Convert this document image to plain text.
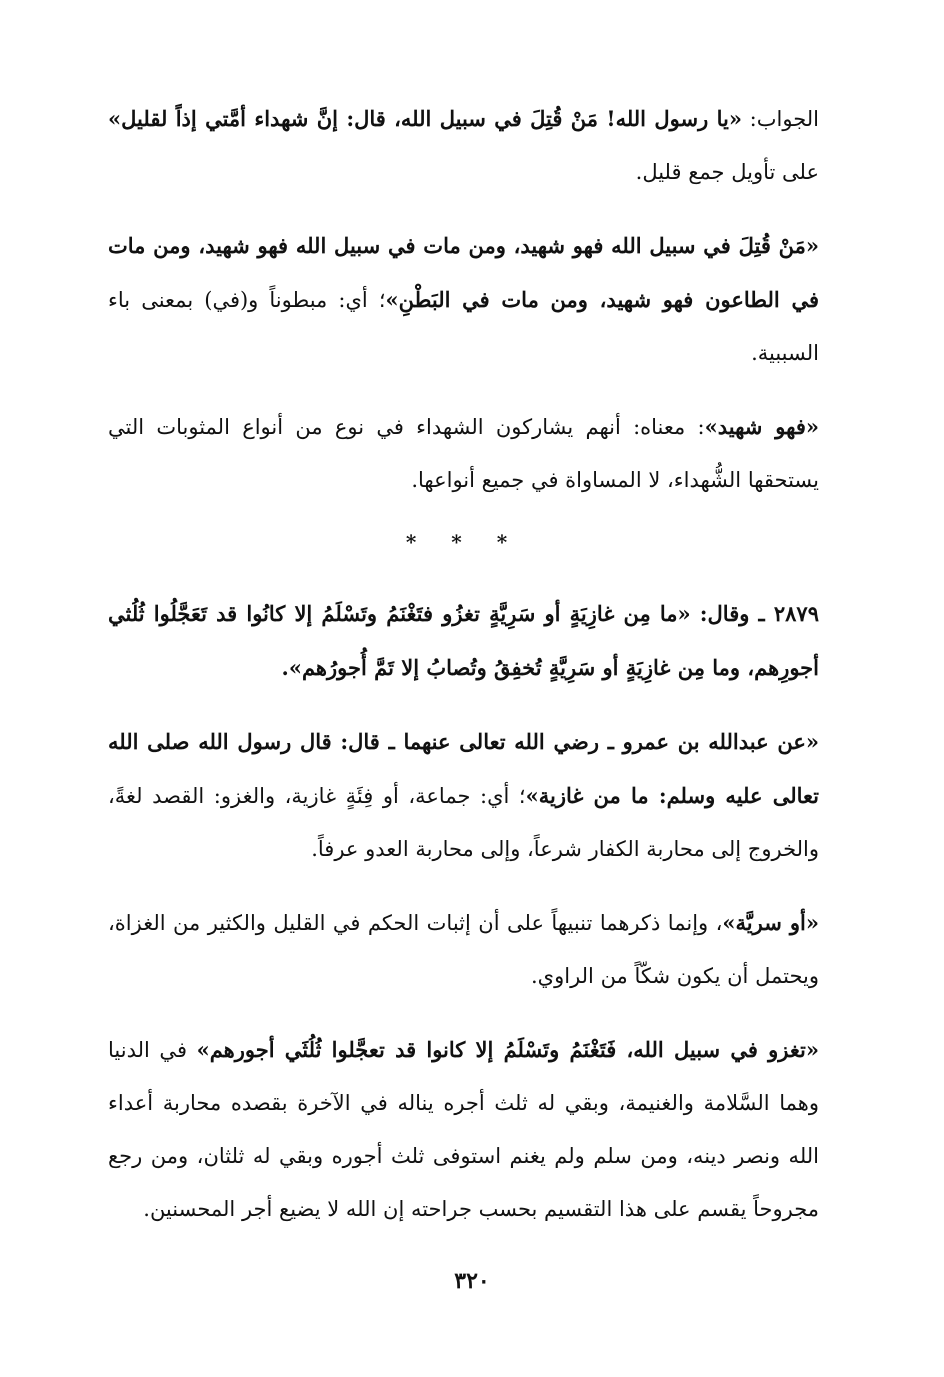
الجواب: «يا رسول الله! مَنْ قُتِلَ في سبيل الله، قال: إنَّ شهداء أمَّتي إذاً لقليل» على تأويل جمع قليل.

«مَنْ قُتِلَ في سبيل الله فهو شهيد، ومن مات في سبيل الله فهو شهيد، ومن مات في الطاعون فهو شهيد، ومن مات في البَطْنِ»؛ أي: مبطوناً و(في) بمعنى باء السببية.

«فهو شهيد»: معناه: أنهم يشاركون الشهداء في نوع من أنواع المثوبات التي يستحقها الشُّهداء، لا المساواة في جميع أنواعها.

* * *

٢٨٧٩ ـ وقال: «ما مِن غازِيَةٍ أو سَرِيَّةٍ تغزُو فتَغْنَمُ وتَسْلَمُ إلا كانُوا قد تَعَجَّلُوا ثُلُثي أجورِهم، وما مِن غازِيَةٍ أو سَرِيَّةٍ تُخفِقُ وتُصابُ إلا تَمَّ أُجورُهم».

«عن عبدالله بن عمرو ـ رضي الله تعالى عنهما ـ قال: قال رسول الله صلى الله تعالى عليه وسلم: ما من غازية»؛ أي: جماعة، أو فِئَةٍ غازية، والغزو: القصد لغةً، والخروج إلى محاربة الكفار شرعاً، وإلى محاربة العدو عرفاً.

«أو سريَّة»، وإنما ذكرهما تنبيهاً على أن إثبات الحكم في القليل والكثير من الغزاة، ويحتمل أن يكون شكّاً من الراوي.

«تغزو في سبيل الله، فَتَغْنَمُ وتَسْلَمُ إلا كانوا قد تعجَّلوا ثُلُثَي أجورهم» في الدنيا وهما السَّلامة والغنيمة، وبقي له ثلث أجره يناله في الآخرة بقصده محاربة أعداء الله ونصر دينه، ومن سلم ولم يغنم استوفى ثلث أجوره وبقي له ثلثان، ومن رجع مجروحاً يقسم على هذا التقسيم بحسب جراحته إن الله لا يضيع أجر المحسنين.

٣٢٠
